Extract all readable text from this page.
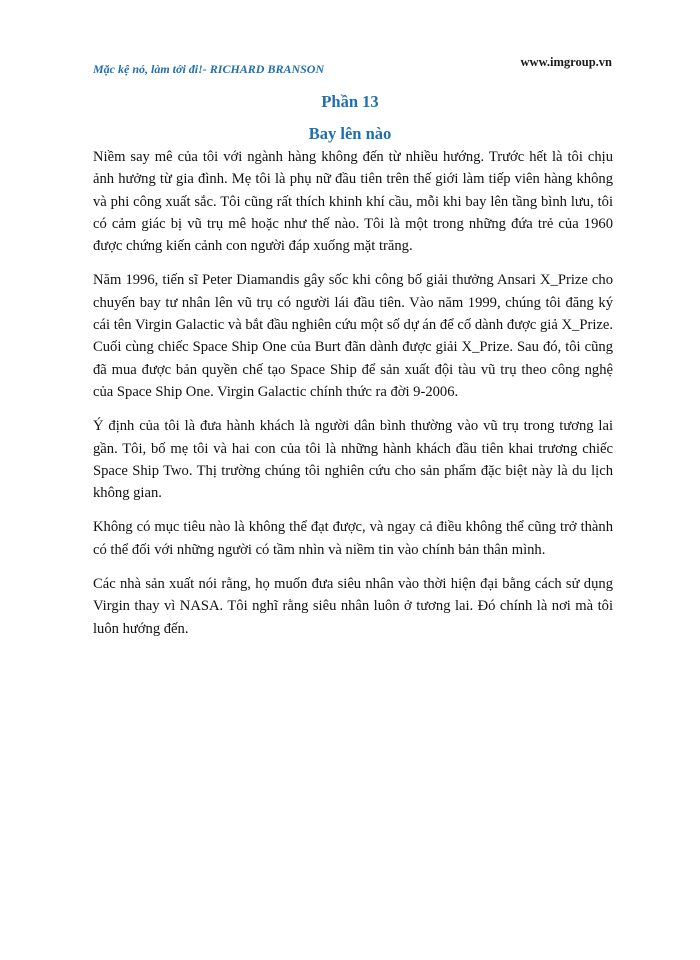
Mặc kệ nó, làm tới đi!- RICHARD BRANSON	www.imgroup.vn
Phần 13
Bay lên nào

Niềm say mê của tôi với ngành hàng không đến từ nhiều hướng. Trước hết là tôi chịu ảnh hưởng từ gia đình. Mẹ tôi là phụ nữ đầu tiên trên thế giới làm tiếp viên hàng không và phi công xuất sắc. Tôi cũng rất thích khinh khí cầu, mỗi khi bay lên tầng bình lưu, tôi có cảm giác bị vũ trụ mê hoặc như thế nào. Tôi là một trong những đứa trẻ của 1960 được chứng kiến cảnh con người đáp xuống mặt trăng.

Năm 1996, tiến sĩ Peter Diamandis gây sốc khi công bố giải thưởng Ansari X_Prize cho chuyến bay tư nhân lên vũ trụ có người lái đầu tiên. Vào năm 1999, chúng tôi đăng ký cái tên Virgin Galactic và bắt đầu nghiên cứu một số dự án để cố dành được giả X_Prize. Cuối cùng chiếc Space Ship One của Burt đãn dành được giải X_Prize. Sau đó, tôi cũng đã mua được bản quyền chế tạo Space Ship để sản xuất đội tàu vũ trụ theo công nghệ của Space Ship One. Virgin Galactic chính thức ra đời 9-2006.

Ý định của tôi là đưa hành khách là người dân bình thường vào vũ trụ trong tương lai gần. Tôi, bố mẹ tôi và hai con của tôi là những hành khách đầu tiên khai trương chiếc Space Ship Two. Thị trường chúng tôi nghiên cứu cho sản phẩm đặc biệt này là du lịch không gian.

Không có mục tiêu nào là không thể đạt được, và ngay cả điều không thể cũng trở thành có thể đối với những người có tầm nhìn và niềm tin vào chính bản thân mình.

Các nhà sản xuất nói rằng, họ muốn đưa siêu nhân vào thời hiện đại bằng cách sử dụng Virgin thay vì NASA. Tôi nghĩ rằng siêu nhân luôn ở tương lai. Đó chính là nơi mà tôi luôn hướng đến.
